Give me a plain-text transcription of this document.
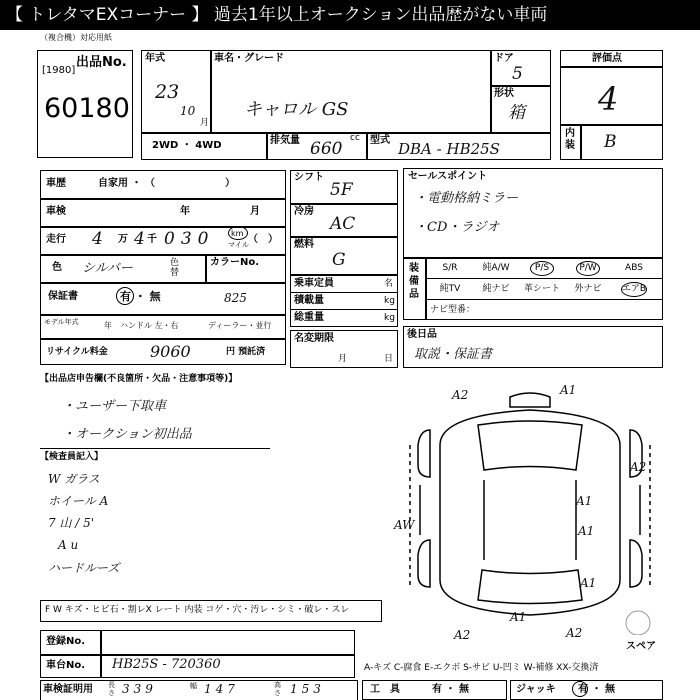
【 トレタマEXコーナー 】 過去1年以上オークション出品歴がない車両
（複合機）対応用紙
出品No.
[1980]
60180
年式
23
10
月
車名・グレード
キャロル GS
ドア
5
形状
箱
2WD ・ 4WD	排気量 660
cc 型式 DBA - HB25S
評価点
4
内装 B
車歴	自家用 ・ （　　　　　　　）
車検	年	月
走行 4 万 4 千 030 km
マイル （　）
色 シルバー	色替
カラーNo.
保証書	有 ・ 無	825
モデル年式	年 ハンドル 左・右	ディーラー・並行
リサイクル料金	9060	円 預託済
シフト
5F
冷房
AC
燃料
G
乗車定員	名
積載量	kg
総重量	kg
名変期限
月	日
セールスポイント
・電動格納ミラー
・CD・ラジオ
装備品
S/R	純A/W	P/S	P/W	ABS
純TV	純ナビ	革シート	外ナビ	エアB
ナビ型番：
後日品
取説・保証書
【出品店申告欄(不良箇所・欠品・注意事項等)】
・ユーザー下取車
・オークション初出品
【検査員記入】
W ガラス
ホイール A
7 山 / 5'
A u
ハードルーズ
A2	A1
AW
A1
A1
A1
A1
A2	A2
A2
スペア
F W キズ・ヒビ石・割レX レート 内装 コゲ・穴・汚レ・シミ・破レ・スレ
登録No.
車台No. HB25S - 720360
車検証明用 長さ 339	幅 147	高さ 153
A-キズ C-腐食 E-エクボ S-サビ U-凹ミ W-補修 XX-交換済
工　具	有 ・ 無	ジャッキ 有 ・ 無
